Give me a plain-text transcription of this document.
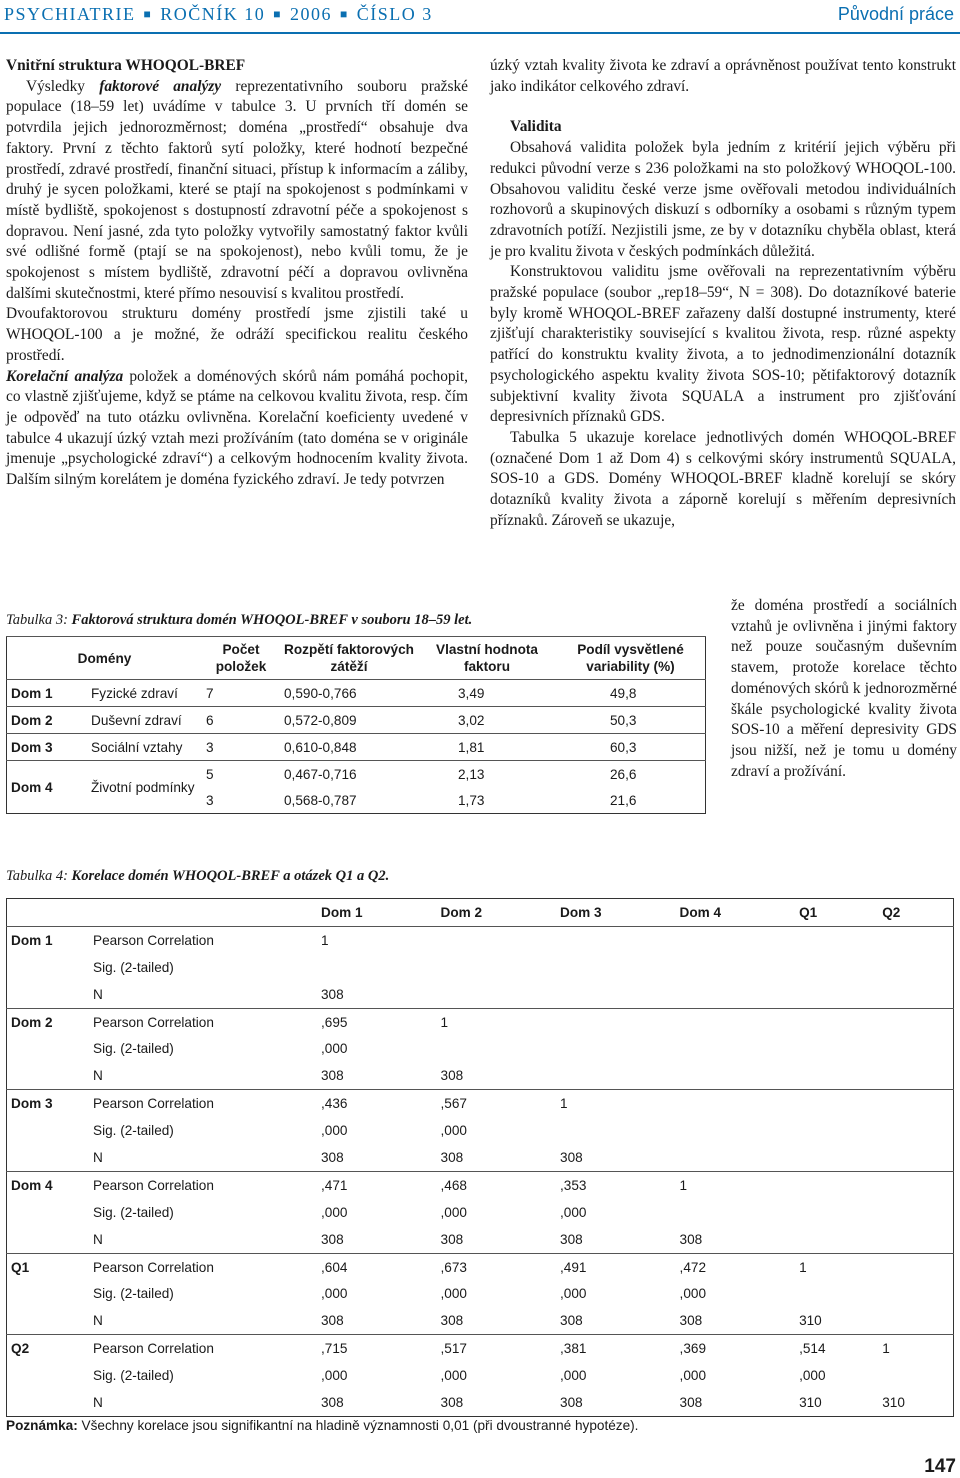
PSYCHIATRIE ■ ROČNÍK 10 ■ 2006 ■ ČÍSLO 3	Původní práce
Vnitřní struktura WHOQOL-BREF

Výsledky faktorové analýzy reprezentativního souboru pražské populace (18–59 let) uvádíme v tabulce 3. U prvních tří domén se potvrdila jejich jednorozměrnost; doména „prostředí“ obsahuje dva faktory. První z těchto faktorů sytí položky, které hodnotí bezpečné prostředí, zdravé prostředí, finanční situaci, přístup k informacím a záliby, druhý je sycen položkami, které se ptají na spokojenost s podmínkami v místě bydliště, spokojenost s dostupností zdravotní péče a spokojenost s dopravou. Není jasné, zda tyto položky vytvořily samostatný faktor kvůli své odlišné formě (ptají se na spokojenost), nebo kvůli tomu, že je spokojenost s místem bydliště, zdravotní péčí a dopravou ovlivněna dalšími skutečnostmi, které přímo nesouvisí s kvalitou prostředí.

Dvoufaktorovou strukturu domény prostředí jsme zjistili také u WHOQOL-100 a je možné, že odráží specifickou realitu českého prostředí.

Korelační analýza položek a doménových skórů nám pomáhá pochopit, co vlastně zjišťujeme, když se ptáme na celkovou kvalitu života, resp. čím je odpověď na tuto otázku ovlivněna. Korelační koeficienty uvedené v tabulce 4 ukazují úzký vztah mezi prožíváním (tato doména se v originále jmenuje „psychologické zdraví“) a celkovým hodnocením kvality života. Dalším silným korelátem je doména fyzického zdraví. Je tedy potvrzen

úzký vztah kvality života ke zdraví a oprávněnost používat tento konstrukt jako indikátor celkového zdraví.

Validita

Obsahová validita položek byla jedním z kritérií jejich výběru při redukci původní verze s 236 položkami na sto položkový WHOQOL-100. Obsahovou validitu české verze jsme ověřovali metodou individuálních rozhovorů a skupinových diskuzí s odborníky a osobami s různým typem zdravotních potíží. Nezjistili jsme, ze by v dotazníku chyběla oblast, která je pro kvalitu života v českých podmínkách důležitá.

Konstruktovou validitu jsme ověřovali na reprezentativním výběru pražské populace (soubor „rep18–59“, N = 308). Do dotazníkové baterie byly kromě WHOQOL-BREF zařazeny další dostupné instrumenty, které zjišťují charakteristiky související s kvalitou života, resp. různé aspekty patřící do konstruktu kvality života, a to jednodimenzionální dotazník psychologického aspektu kvality života SOS-10; pětifaktorový dotazník subjektivní kvality života SQUALA a instrument pro zjišťování depresivních příznaků GDS.

Tabulka 5 ukazuje korelace jednotlivých domén WHOQOL-BREF (označené Dom 1 až Dom 4) s celkovými skóry instrumentů SQUALA, SOS-10 a GDS. Domény WHOQOL-BREF kladně korelují se skóry dotazníků kvality života a záporně korelují s měřením depresivních příznaků. Zároveň se ukazuje,

že doména prostředí a sociálních vztahů je ovlivněna i jinými faktory než pouze současným duševním stavem, protože korelace těchto doménových skórů k jednorozměrné škále psychologické kvality života SOS-10 a měření depresivity GDS jsou nižší, než je tomu u domény zdraví a prožívání.

Tabulka 3: Faktorová struktura domén WHOQOL-BREF v souboru 18–59 let.
Domény		Počet položek	Rozpětí faktorových zátěží	Vlastní hodnota faktoru	Podíl vysvětlené variability (%)
Dom 1	Fyzické zdraví	7	0,590-0,766	3,49	49,8
Dom 2	Duševní zdraví	6	0,572-0,809	3,02	50,3
Dom 3	Sociální vztahy	3	0,610-0,848	1,81	60,3
Dom 4	Životní podmínky	5	0,467-0,716	2,13	26,6
		3	0,568-0,787	1,73	21,6
Tabulka 4: Korelace domén WHOQOL-BREF a otázek Q1 a Q2.
		Dom 1	Dom 2	Dom 3	Dom 4	Q1	Q2
Dom 1	Pearson Correlation	1					
	Sig. (2-tailed)						
	N	308					
Dom 2	Pearson Correlation	,695	1				
	Sig. (2-tailed)	,000					
	N	308	308				
Dom 3	Pearson Correlation	,436	,567	1			
	Sig. (2-tailed)	,000	,000				
	N	308	308	308			
Dom 4	Pearson Correlation	,471	,468	,353	1		
	Sig. (2-tailed)	,000	,000	,000			
	N	308	308	308	308		
Q1	Pearson Correlation	,604	,673	,491	,472	1	
	Sig. (2-tailed)	,000	,000	,000	,000		
	N	308	308	308	308	310	
Q2	Pearson Correlation	,715	,517	,381	,369	,514	1
	Sig. (2-tailed)	,000	,000	,000	,000	,000	
	N	308	308	308	308	310	310
Poznámka: Všechny korelace jsou signifikantní na hladině významnosti 0,01 (při dvoustranné hypotéze).
147
